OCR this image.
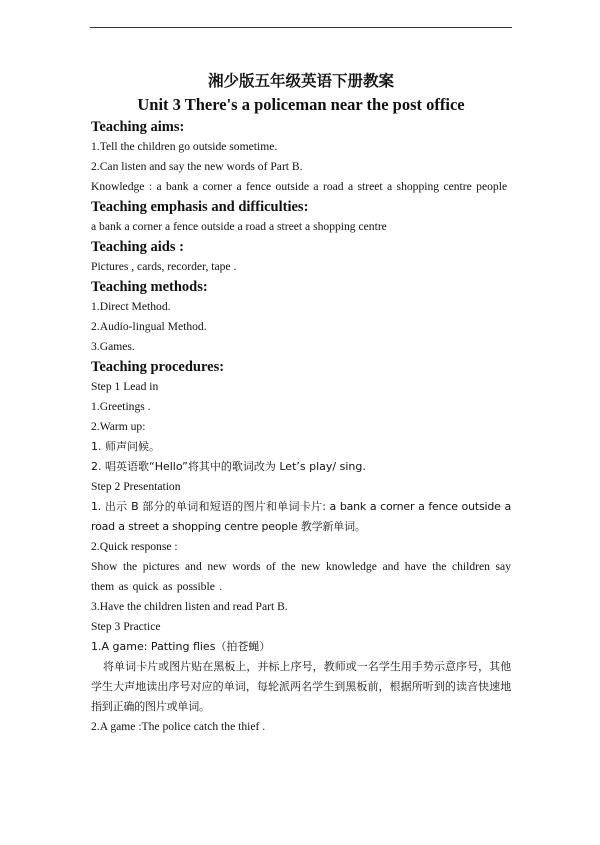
湘少版五年级英语下册教案
Unit 3 There's a policeman near the post office
Teaching aims:
1.Tell the children go outside sometime.
2.Can listen and say the new words of Part B.
Knowledge : a bank a corner a fence outside a road a street a shopping centre people
Teaching emphasis and difficulties:
a bank a corner a fence outside a road a street a shopping centre
Teaching aids :
Pictures , cards, recorder, tape .
Teaching methods:
1.Direct Method.
2.Audio-lingual Method.
3.Games.
Teaching procedures:
Step 1 Lead in
1.Greetings .
2.Warm up:
1. 师声问候。
2. 唱英语歌“Hello”将其中的歌词改为 Let’s play/ sing.
Step 2 Presentation
1. 出示 B 部分的单词和短语的图片和单词卡片: a bank a corner a fence outside a road a street a shopping centre people 教学新单词。
2.Quick response :
Show the pictures and new words of the new knowledge and have the children say them as quick as possible .
3.Have the children listen and read Part B.
Step 3 Practice
1.A game: Patting flies（拍苍蝇）
将单词卡片或图片贴在黑板上，并标上序号，教师或一名学生用手势示意序号，其他学生大声地读出序号对应的单词，每轮派两名学生到黑板前，根据所听到的读音快速地指到正确的图片或单词。
2.A game :The police catch the thief .
